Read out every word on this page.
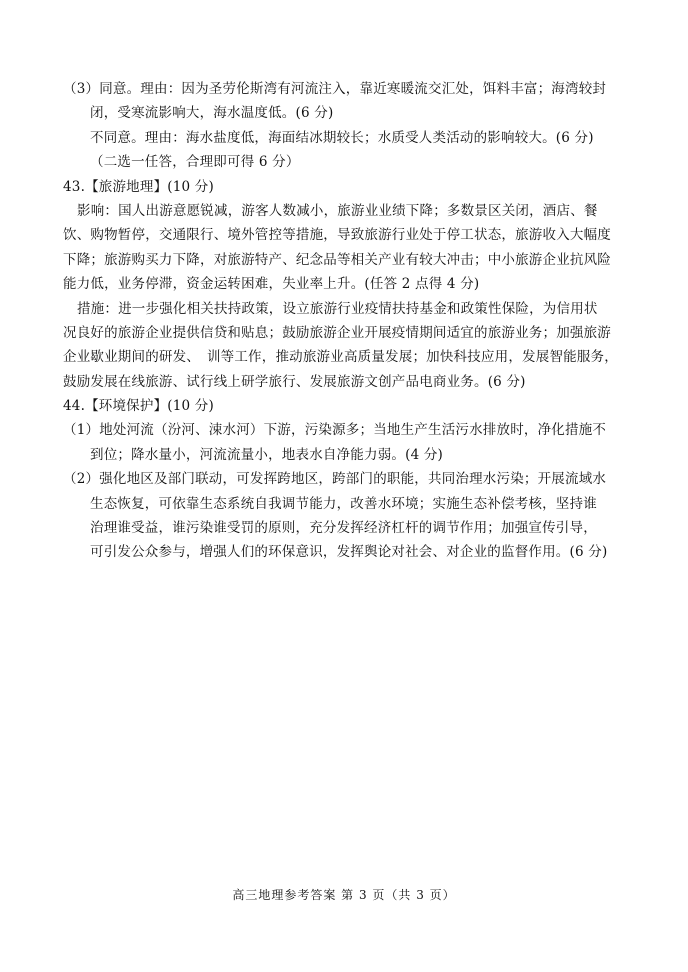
（3）同意。理由：因为圣劳伦斯湾有河流注入，靠近寒暖流交汇处，饵料丰富；海湾较封
闭，受寒流影响大，海水温度低。(6 分)
不同意。理由：海水盐度低，海面结冰期较长；水质受人类活动的影响较大。(6 分)
（二选一任答，合理即可得 6 分）
43.【旅游地理】(10 分)
影响：国人出游意愿锐减，游客人数减小，旅游业业绩下降；多数景区关闭，酒店、餐
饮、购物暂停，交通限行、境外管控等措施，导致旅游行业处于停工状态，旅游收入大幅度
下降；旅游购买力下降，对旅游特产、纪念品等相关产业有较大冲击；中小旅游企业抗风险
能力低，业务停滞，资金运转困难，失业率上升。(任答 2 点得 4 分)
措施：进一步强化相关扶持政策，设立旅游行业疫情扶持基金和政策性保险，为信用状
况良好的旅游企业提供信贷和贴息；鼓励旅游企业开展疫情期间适宜的旅游业务；加强旅游
企业歇业期间的研发、　训等工作，推动旅游业高质量发展；加快科技应用，发展智能服务，
鼓励发展在线旅游、试行线上研学旅行、发展旅游文创产品电商业务。(6 分)
44.【环境保护】(10 分)
（1）地处河流（汾河、涑水河）下游，污染源多；当地生产生活污水排放时，净化措施不
到位；降水量小，河流流量小，地表水自净能力弱。(4 分)
（2）强化地区及部门联动，可发挥跨地区，跨部门的职能，共同治理水污染；开展流域水
生态恢复，可依靠生态系统自我调节能力，改善水环境；实施生态补偿考核，坚持谁
治理谁受益，谁污染谁受罚的原则，充分发挥经济杠杆的调节作用；加强宣传引导，
可引发公众参与，增强人们的环保意识，发挥舆论对社会、对企业的监督作用。(6 分)
高三地理参考答案 第 3 页（共 3 页）
